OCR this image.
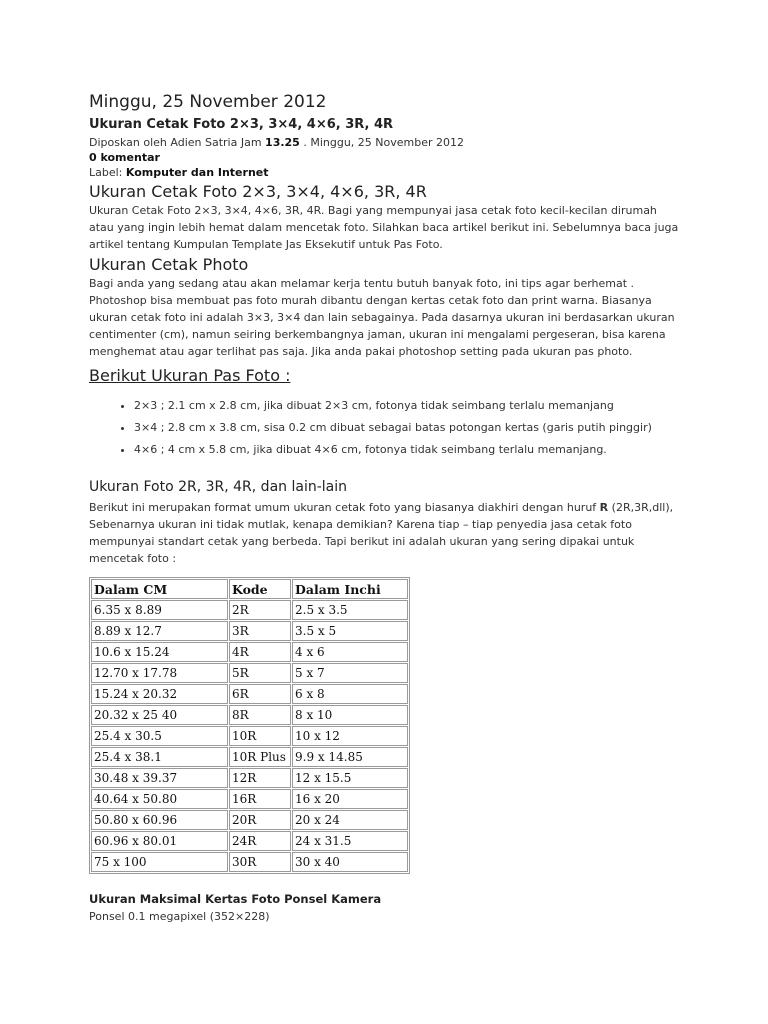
Minggu, 25 November 2012
Ukuran Cetak Foto 2×3, 3×4, 4×6, 3R, 4R
Diposkan oleh Adien Satria Jam 13.25 . Minggu, 25 November 2012
0 komentar
Label: Komputer dan Internet
Ukuran Cetak Foto 2×3, 3×4, 4×6, 3R, 4R

Ukuran Cetak Foto 2×3, 3×4, 4×6, 3R, 4R. Bagi yang mempunyai jasa cetak foto kecil-kecilan dirumah atau yang ingin lebih hemat dalam mencetak foto. Silahkan baca artikel berikut ini. Sebelumnya baca juga artikel tentang Kumpulan Template Jas Eksekutif untuk Pas Foto.

Ukuran Cetak Photo

Bagi anda yang sedang atau akan melamar kerja tentu butuh banyak foto, ini tips agar berhemat . Photoshop bisa membuat pas foto murah dibantu dengan kertas cetak foto dan print warna. Biasanya ukuran cetak foto ini adalah 3×3, 3×4 dan lain sebagainya. Pada dasarnya ukuran ini berdasarkan ukuran centimenter (cm), namun seiring berkembangnya jaman, ukuran ini mengalami pergeseran, bisa karena menghemat atau agar terlihat pas saja. Jika anda pakai photoshop setting pada ukuran pas photo.

Berikut Ukuran Pas Foto :
• 2×3 ; 2.1 cm x 2.8 cm, jika dibuat 2×3 cm, fotonya tidak seimbang terlalu memanjang
• 3×4 ; 2.8 cm x 3.8 cm, sisa 0.2 cm dibuat sebagai batas potongan kertas (garis putih pinggir)
• 4×6 ; 4 cm x 5.8 cm, jika dibuat 4×6 cm, fotonya tidak seimbang terlalu memanjang.
Ukuran Foto 2R, 3R, 4R, dan lain-lain

Berikut ini merupakan format umum ukuran cetak foto yang biasanya diakhiri dengan huruf R (2R,3R,dll), Sebenarnya ukuran ini tidak mutlak, kenapa demikian? Karena tiap – tiap penyedia jasa cetak foto mempunyai standart cetak yang berbeda. Tapi berikut ini adalah ukuran yang sering dipakai untuk mencetak foto :

Dalam CM	Kode	Dalam Inchi
6.35 x 8.89	2R	2.5 x 3.5
8.89 x 12.7	3R	3.5 x 5
10.6 x 15.24	4R	4 x 6
12.70 x 17.78	5R	5 x 7
15.24 x 20.32	6R	6 x 8
20.32 x 25 40	8R	8 x 10
25.4 x 30.5	10R	10 x 12
25.4 x 38.1	10R Plus	9.9 x 14.85
30.48 x 39.37	12R	12 x 15.5
40.64 x 50.80	16R	16 x 20
50.80 x 60.96	20R	20 x 24
60.96 x 80.01	24R	24 x 31.5
75 x 100	30R	30 x 40
Ukuran Maksimal Kertas Foto Ponsel Kamera

Ponsel 0.1 megapixel (352×228)
